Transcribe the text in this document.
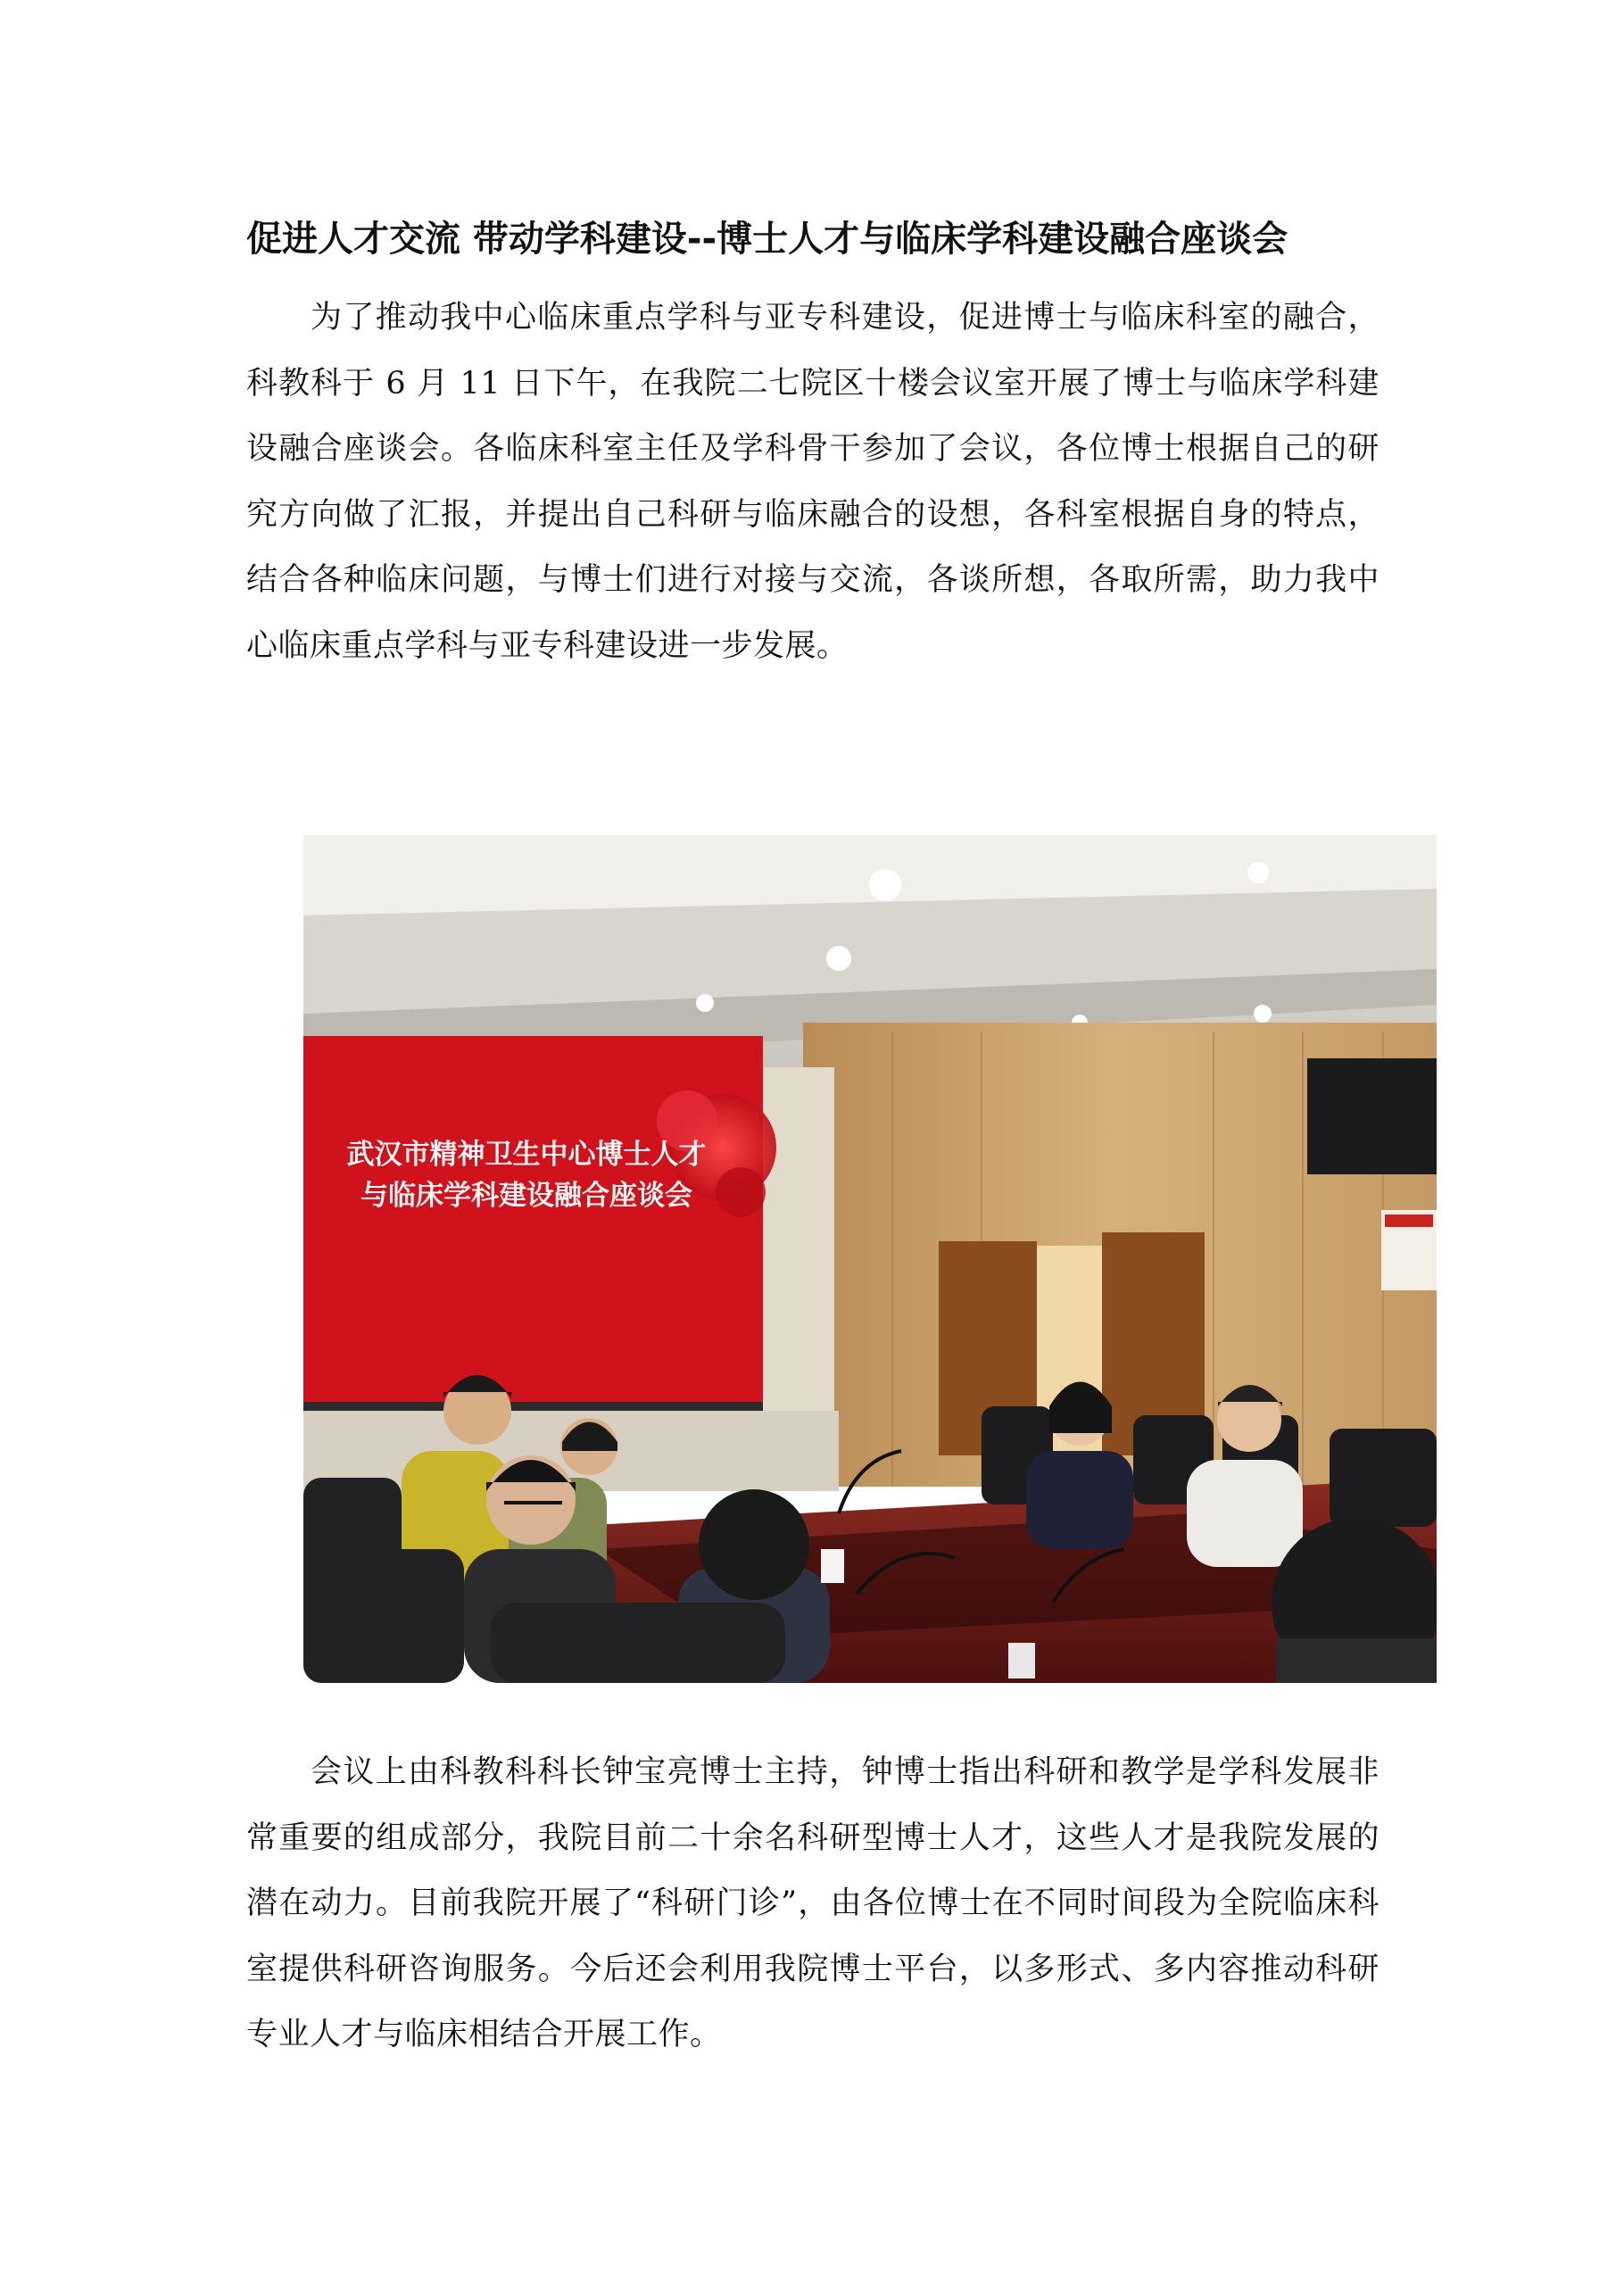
促进人才交流 带动学科建设--博士人才与临床学科建设融合座谈会

为了推动我中心临床重点学科与亚专科建设，促进博士与临床科室的融合，科教科于 6 月 11 日下午，在我院二七院区十楼会议室开展了博士与临床学科建设融合座谈会。各临床科室主任及学科骨干参加了会议，各位博士根据自己的研究方向做了汇报，并提出自己科研与临床融合的设想，各科室根据自身的特点，结合各种临床问题，与博士们进行对接与交流，各谈所想，各取所需，助力我中心临床重点学科与亚专科建设进一步发展。

武汉市精神卫生中心博士人才
与临床学科建设融合座谈会

会议上由科教科科长钟宝亮博士主持，钟博士指出科研和教学是学科发展非常重要的组成部分，我院目前二十余名科研型博士人才，这些人才是我院发展的潜在动力。目前我院开展了“科研门诊”，由各位博士在不同时间段为全院临床科室提供科研咨询服务。今后还会利用我院博士平台，以多形式、多内容推动科研专业人才与临床相结合开展工作。
